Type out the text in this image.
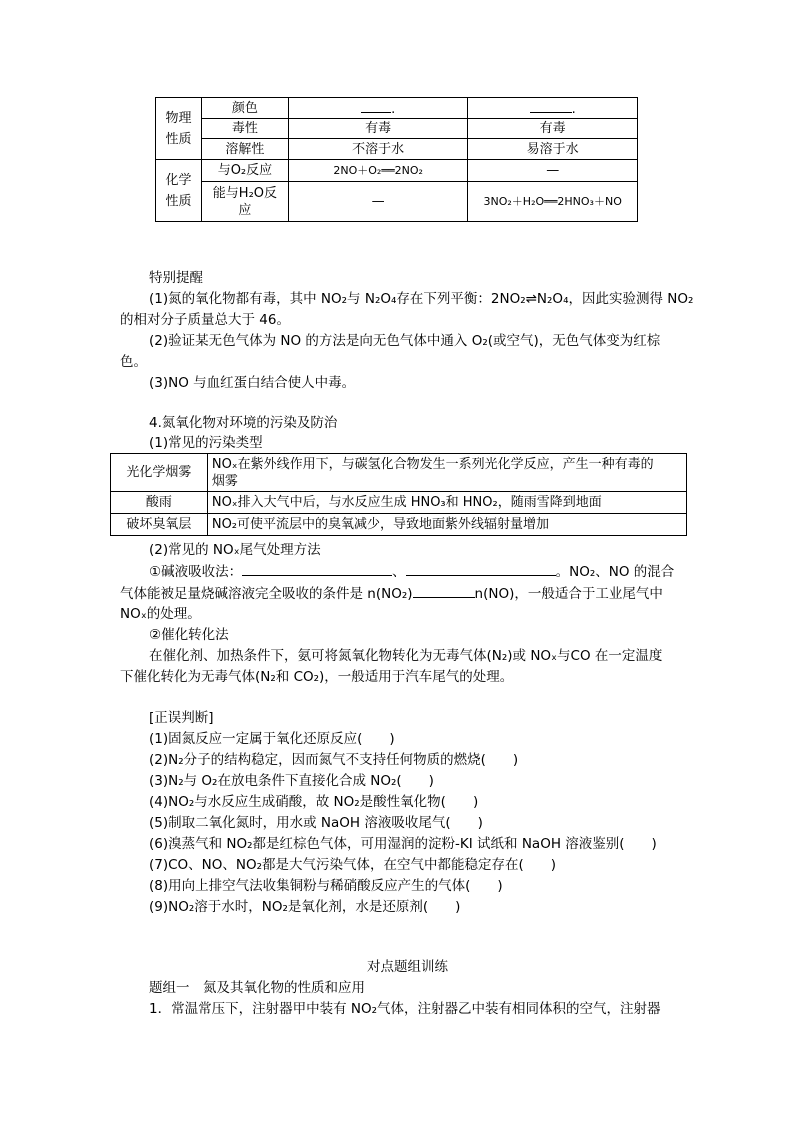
物理性质	颜色	.	.
	毒性	有毒	有毒
	溶解性	不溶于水	易溶于水
化学性质	与O₂反应	2NO＋O₂══2NO₂	—
	能与H₂O反应	—	3NO₂＋H₂O══2HNO₃＋NO
特别提醒
(1)氮的氧化物都有毒，其中 NO₂与 N₂O₄存在下列平衡：2NO₂⇌N₂O₄，因此实验测得 NO₂
的相对分子质量总大于 46。
(2)验证某无色气体为 NO 的方法是向无色气体中通入 O₂(或空气)，无色气体变为红棕
色。
(3)NO 与血红蛋白结合使人中毒。
4.氮氧化物对环境的污染及防治
(1)常见的污染类型
光化学烟雾	NOₓ在紫外线作用下，与碳氢化合物发生一系列光化学反应，产生一种有毒的
烟雾

酸雨	NOₓ排入大气中后，与水反应生成 HNO₃和 HNO₂，随雨雪降到地面
破坏臭氧层	NO₂可使平流层中的臭氧减少，导致地面紫外线辐射量增加
(2)常见的 NOₓ尾气处理方法
①碱液吸收法：	、	。NO₂、NO 的混合
气体能被足量烧碱溶液完全吸收的条件是 n(NO₂)	n(NO)，一般适合于工业尾气中
NOₓ的处理。
②催化转化法
在催化剂、加热条件下，氨可将氮氧化物转化为无毒气体(N₂)或 NOₓ与CO 在一定温度
下催化转化为无毒气体(N₂和 CO₂)，一般适用于汽车尾气的处理。
[正误判断]
(1)固氮反应一定属于氧化还原反应(　　)
(2)N₂分子的结构稳定，因而氮气不支持任何物质的燃烧(　　)
(3)N₂与 O₂在放电条件下直接化合成 NO₂(　　)
(4)NO₂与水反应生成硝酸，故 NO₂是酸性氧化物(　　)
(5)制取二氧化氮时，用水或 NaOH 溶液吸收尾气(　　)
(6)溴蒸气和 NO₂都是红棕色气体，可用湿润的淀粉-KI 试纸和 NaOH 溶液鉴别(　　)
(7)CO、NO、NO₂都是大气污染气体，在空气中都能稳定存在(　　)
(8)用向上排空气法收集铜粉与稀硝酸反应产生的气体(　　)
(9)NO₂溶于水时，NO₂是氧化剂，水是还原剂(　　)
对点题组训练
题组一　氮及其氧化物的性质和应用
1．常温常压下，注射器甲中装有 NO₂气体，注射器乙中装有相同体积的空气，注射器
